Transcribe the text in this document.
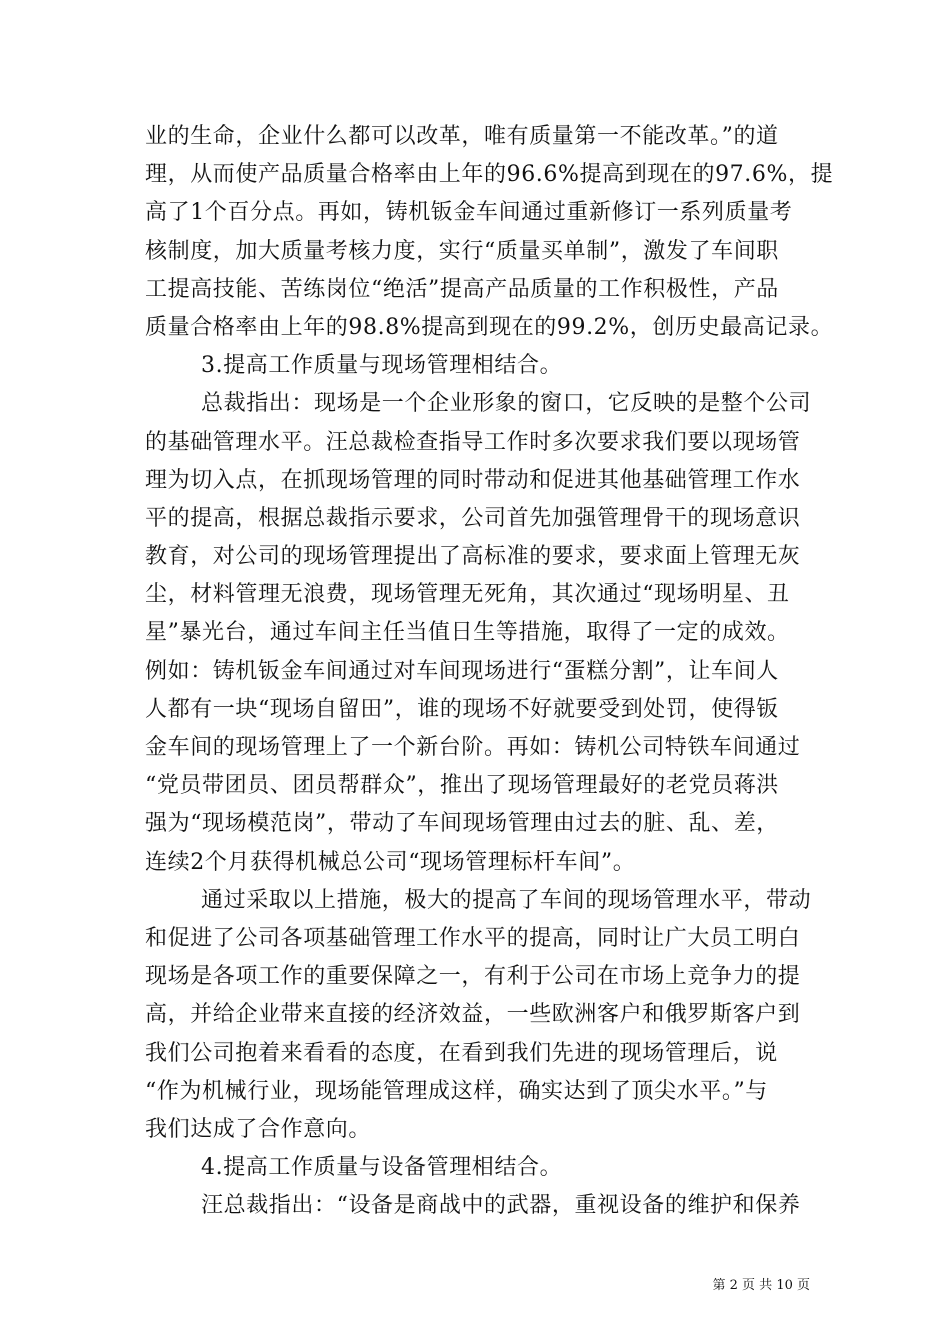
业的生命，企业什么都可以改革，唯有质量第一不能改革。”的道
理，从而使产品质量合格率由上年的96.6%提高到现在的97.6%，提
高了1个百分点。再如，铸机钣金车间通过重新修订一系列质量考
核制度，加大质量考核力度，实行“质量买单制”，激发了车间职
工提高技能、苦练岗位“绝活”提高产品质量的工作积极性，产品
质量合格率由上年的98.8%提高到现在的99.2%，创历史最高记录。
3.提高工作质量与现场管理相结合。
总裁指出：现场是一个企业形象的窗口，它反映的是整个公司
的基础管理水平。汪总裁检查指导工作时多次要求我们要以现场管
理为切入点，在抓现场管理的同时带动和促进其他基础管理工作水
平的提高，根据总裁指示要求，公司首先加强管理骨干的现场意识
教育，对公司的现场管理提出了高标准的要求，要求面上管理无灰
尘，材料管理无浪费，现场管理无死角，其次通过“现场明星、丑
星”暴光台，通过车间主任当值日生等措施，取得了一定的成效。
例如：铸机钣金车间通过对车间现场进行“蛋糕分割”，让车间人
人都有一块“现场自留田”，谁的现场不好就要受到处罚，使得钣
金车间的现场管理上了一个新台阶。再如：铸机公司特铁车间通过
“党员带团员、团员帮群众”，推出了现场管理最好的老党员蒋洪
强为“现场模范岗”，带动了车间现场管理由过去的脏、乱、差，
连续2个月获得机械总公司“现场管理标杆车间”。
通过采取以上措施，极大的提高了车间的现场管理水平，带动
和促进了公司各项基础管理工作水平的提高，同时让广大员工明白
现场是各项工作的重要保障之一，有利于公司在市场上竞争力的提
高，并给企业带来直接的经济效益，一些欧洲客户和俄罗斯客户到
我们公司抱着来看看的态度，在看到我们先进的现场管理后，说
“作为机械行业，现场能管理成这样，确实达到了顶尖水平。”与
我们达成了合作意向。
4.提高工作质量与设备管理相结合。
汪总裁指出：“设备是商战中的武器，重视设备的维护和保养
第 2 页 共 10 页
